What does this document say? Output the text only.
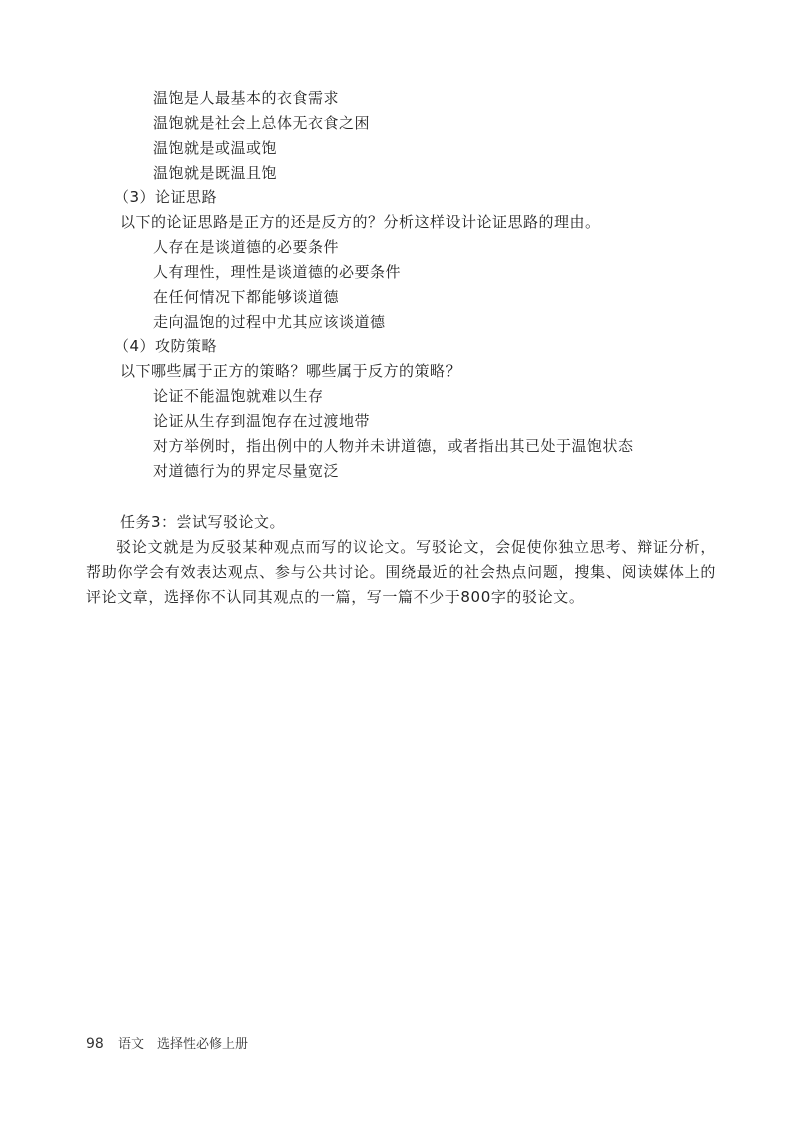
温饱是人最基本的衣食需求
温饱就是社会上总体无衣食之困
温饱就是或温或饱
温饱就是既温且饱
（3）论证思路
以下的论证思路是正方的还是反方的？分析这样设计论证思路的理由。
人存在是谈道德的必要条件
人有理性，理性是谈道德的必要条件
在任何情况下都能够谈道德
走向温饱的过程中尤其应该谈道德
（4）攻防策略
以下哪些属于正方的策略？哪些属于反方的策略？
论证不能温饱就难以生存
论证从生存到温饱存在过渡地带
对方举例时，指出例中的人物并未讲道德，或者指出其已处于温饱状态
对道德行为的界定尽量宽泛
任务3：尝试写驳论文。
驳论文就是为反驳某种观点而写的议论文。写驳论文，会促使你独立思考、辩证分析，帮助你学会有效表达观点、参与公共讨论。围绕最近的社会热点问题，搜集、阅读媒体上的评论文章，选择你不认同其观点的一篇，写一篇不少于800字的驳论文。
98 语文　选择性必修上册
